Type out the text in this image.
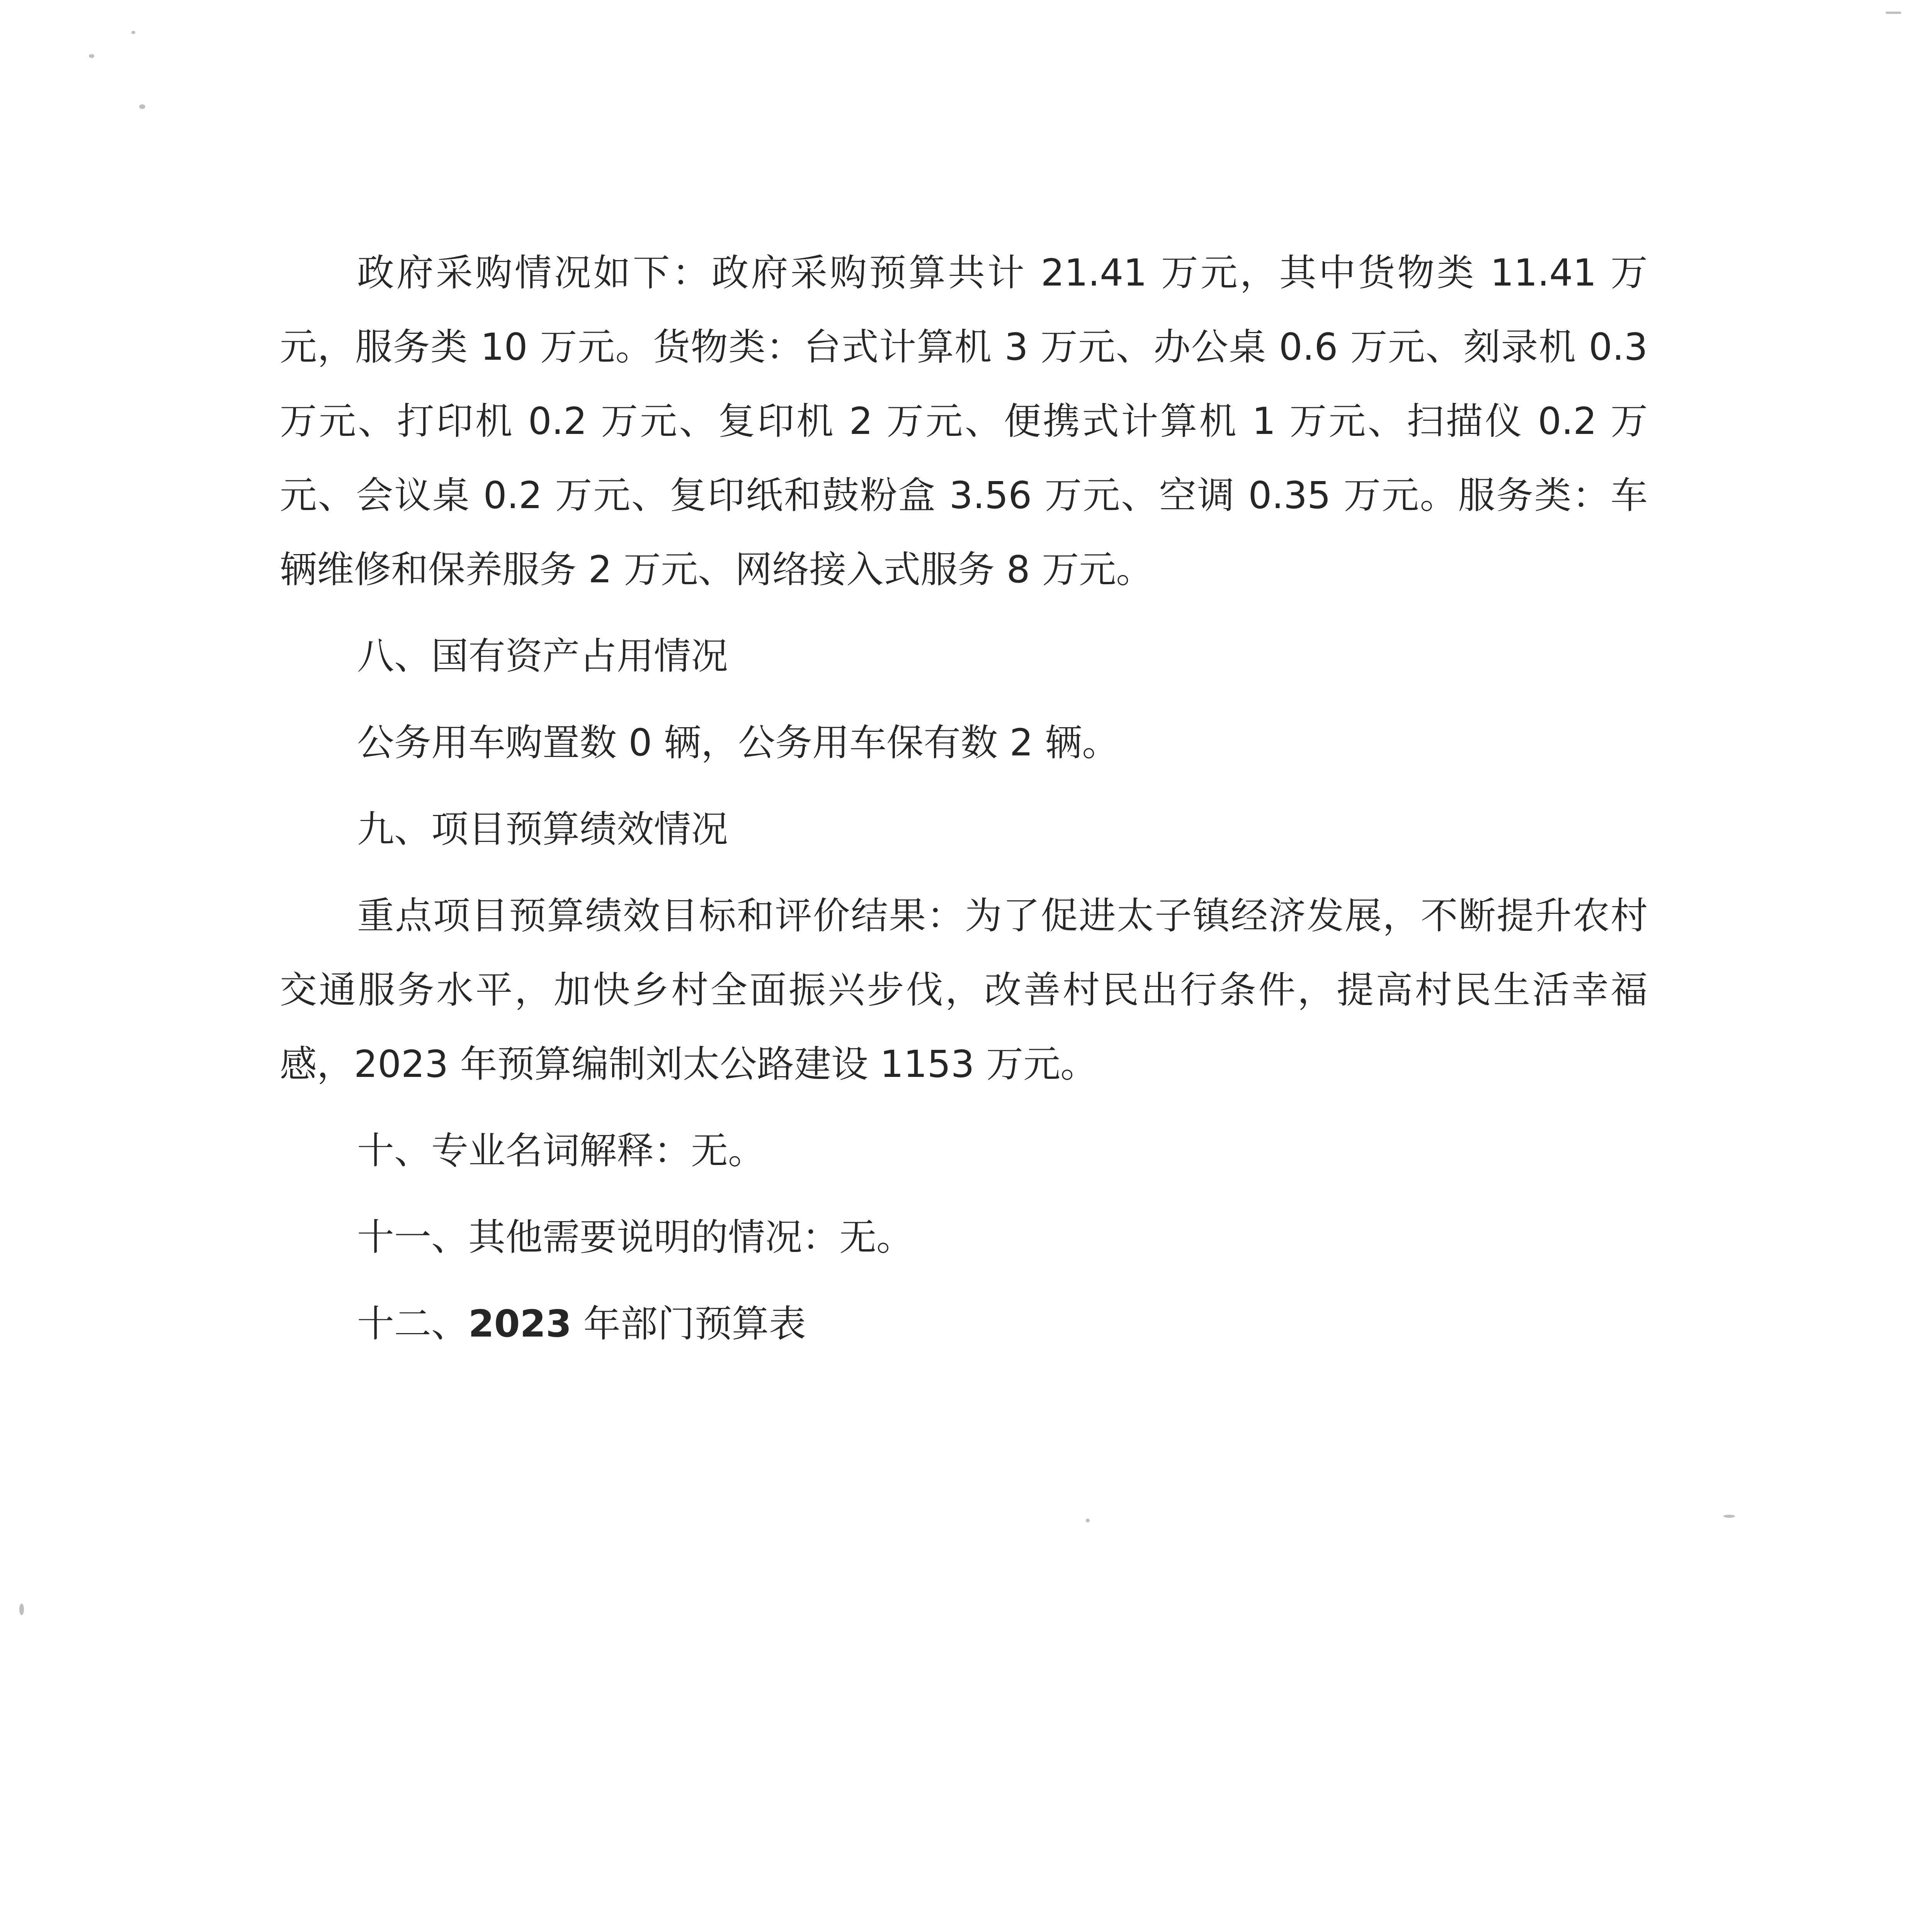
政府采购情况如下：政府采购预算共计 21.41 万元，其中货物类 11.41 万元，服务类 10 万元。货物类：台式计算机 3 万元、办公桌 0.6 万元、刻录机 0.3 万元、打印机 0.2 万元、复印机 2 万元、便携式计算机 1 万元、扫描仪 0.2 万元、会议桌 0.2 万元、复印纸和鼓粉盒 3.56 万元、空调 0.35 万元。服务类：车辆维修和保养服务 2 万元、网络接入式服务 8 万元。

八、国有资产占用情况

公务用车购置数 0 辆，公务用车保有数 2 辆。

九、项目预算绩效情况

重点项目预算绩效目标和评价结果：为了促进太子镇经济发展，不断提升农村交通服务水平，加快乡村全面振兴步伐，改善村民出行条件，提高村民生活幸福感，2023 年预算编制刘太公路建设 1153 万元。

十、专业名词解释：无。

十一、其他需要说明的情况：无。

十二、2023 年部门预算表
